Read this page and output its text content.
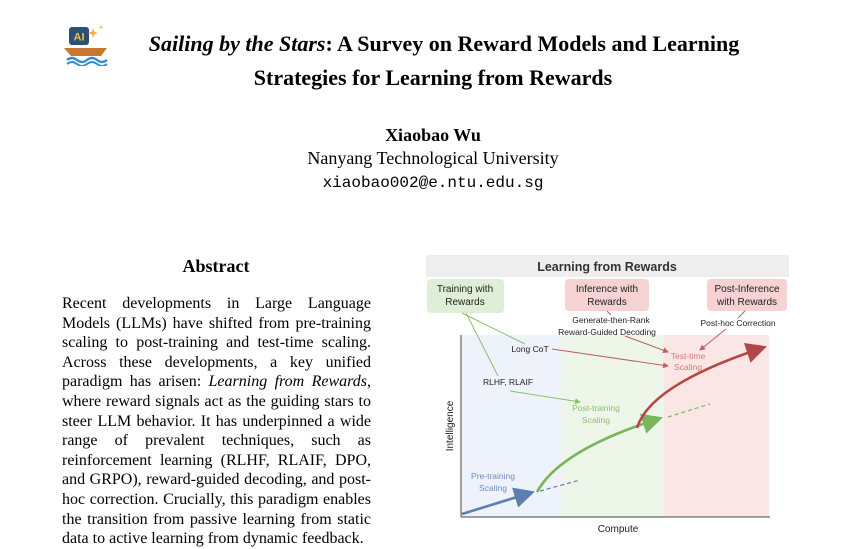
AI	Sailing by the Stars: A Survey on Reward Models and Learning
Strategies for Learning from Rewards
Xiaobao Wu
Nanyang Technological University
xiaobao002@e.ntu.edu.sg
Abstract
Recent developments in Large Language Models (LLMs) have shifted from pre-training scaling to post-training and test-time scaling. Across these developments, a key unified paradigm has arisen: Learning from Rewards, where reward signals act as the guiding stars to steer LLM behavior. It has underpinned a wide range of prevalent techniques, such as reinforcement learning (RLHF, RLAIF, DPO, and GRPO), reward-guided decoding, and post-hoc correction. Crucially, this paradigm enables the transition from passive learning from static data to active learning from dynamic feedback.
Learning from Rewards
Training with
Rewards
Inference with
Rewards
Post-Inference
with Rewards
Generate-then-Rank
Reward-Guided Decoding
Post-hoc Correction
Long CoT
RLHF, RLAIF
Test-time
Scaling
Post-training
Scaling
Pre-training
Scaling
Intelligence
Compute
